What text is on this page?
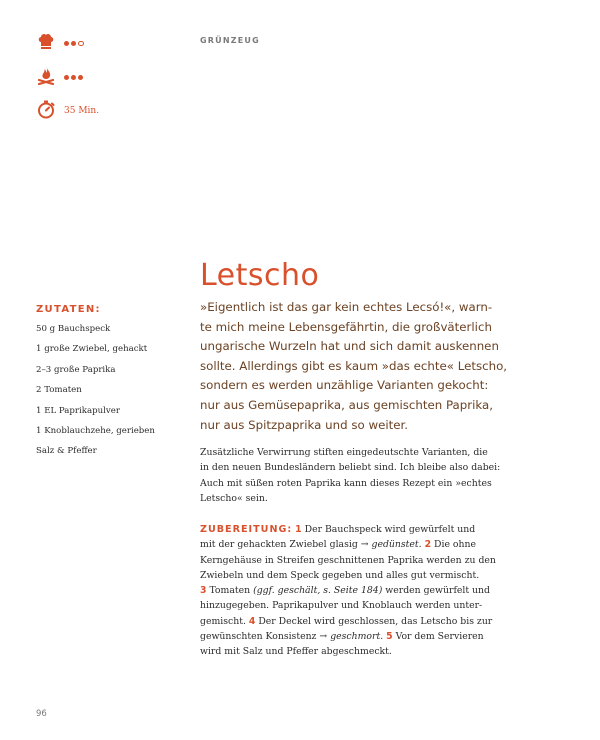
35 Min.
GRÜNZEUG
Letscho
ZUTATEN:
50 g Bauchspeck
1 große Zwiebel, gehackt
2–3 große Paprika
2 Tomaten
1 EL Paprikapulver
1 Knoblauchzehe, gerieben
Salz & Pfeffer

»Eigentlich ist das gar kein echtes Lecsó!«, warn-

te mich meine Lebensgefährtin, die großväterlich

ungarische Wurzeln hat und sich damit auskennen

sollte. Allerdings gibt es kaum »das echte« Letscho,

sondern es werden unzählige Varianten gekocht:

nur aus Gemüsepaprika, aus gemischten Paprika,

nur aus Spitzpaprika und so weiter.

Zusätzliche Verwirrung stiften eingedeutschte Varianten, die

in den neuen Bundesländern beliebt sind. Ich bleibe also dabei:

Auch mit süßen roten Paprika kann dieses Rezept ein »echtes

Letscho« sein.

ZUBEREITUNG: 1 Der Bauchspeck wird gewürfelt und
mit der gehackten Zwiebel glasig → gedünstet. 2 Die ohne
Kerngehäuse in Streifen geschnittenen Paprika werden zu den
Zwiebeln und dem Speck gegeben und alles gut vermischt.
3 Tomaten (ggf. geschält, s. Seite 184) werden gewürfelt und
hinzugegeben. Paprikapulver und Knoblauch werden unter-
gemischt. 4 Der Deckel wird geschlossen, das Letscho bis zur
gewünschten Konsistenz → geschmort. 5 Vor dem Servieren
wird mit Salz und Pfeffer abgeschmeckt.
96
